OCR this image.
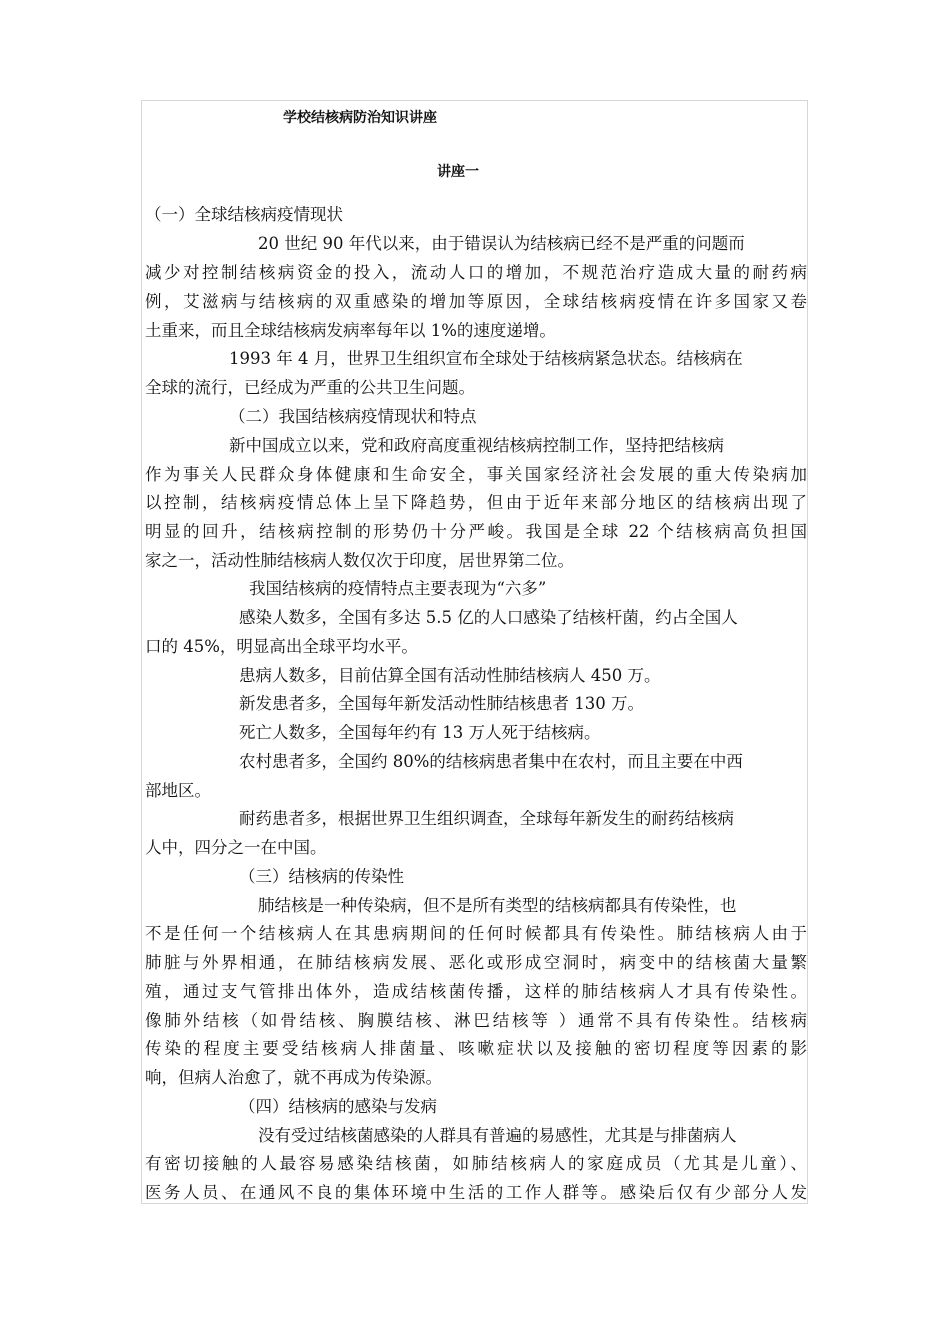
学校结核病防治知识讲座
讲座一
（一）全球结核病疫情现状
20 世纪 90 年代以来，由于错误认为结核病已经不是严重的问题而
减少对控制结核病资金的投入，流动人口的增加，不规范治疗造成大量的耐药病
例，艾滋病与结核病的双重感染的增加等原因，全球结核病疫情在许多国家又卷
土重来，而且全球结核病发病率每年以 1%的速度递增。
1993 年 4 月，世界卫生组织宣布全球处于结核病紧急状态。结核病在
全球的流行，已经成为严重的公共卫生问题。
（二）我国结核病疫情现状和特点
新中国成立以来，党和政府高度重视结核病控制工作，坚持把结核病
作为事关人民群众身体健康和生命安全，事关国家经济社会发展的重大传染病加
以控制，结核病疫情总体上呈下降趋势，但由于近年来部分地区的结核病出现了
明显的回升，结核病控制的形势仍十分严峻。我国是全球 22 个结核病高负担国
家之一，活动性肺结核病人数仅次于印度，居世界第二位。
我国结核病的疫情特点主要表现为“六多”
感染人数多，全国有多达 5.5 亿的人口感染了结核杆菌，约占全国人
口的 45%，明显高出全球平均水平。
患病人数多，目前估算全国有活动性肺结核病人 450 万。
新发患者多，全国每年新发活动性肺结核患者 130 万。
死亡人数多，全国每年约有 13 万人死于结核病。
农村患者多，全国约 80%的结核病患者集中在农村，而且主要在中西
部地区。
耐药患者多，根据世界卫生组织调查，全球每年新发生的耐药结核病
人中，四分之一在中国。
（三）结核病的传染性
肺结核是一种传染病，但不是所有类型的结核病都具有传染性，也
不是任何一个结核病人在其患病期间的任何时候都具有传染性。肺结核病人由于
肺脏与外界相通，在肺结核病发展、恶化或形成空洞时，病变中的结核菌大量繁
殖，通过支气管排出体外，造成结核菌传播，这样的肺结核病人才具有传染性。
像肺外结核（如骨结核、胸膜结核、淋巴结核等 ）通常不具有传染性。结核病
传染的程度主要受结核病人排菌量、咳嗽症状以及接触的密切程度等因素的影
响，但病人治愈了，就不再成为传染源。
（四）结核病的感染与发病
没有受过结核菌感染的人群具有普遍的易感性，尤其是与排菌病人
有密切接触的人最容易感染结核菌，如肺结核病人的家庭成员（尤其是儿童）、
医务人员、在通风不良的集体环境中生活的工作人群等。感染后仅有少部分人发
